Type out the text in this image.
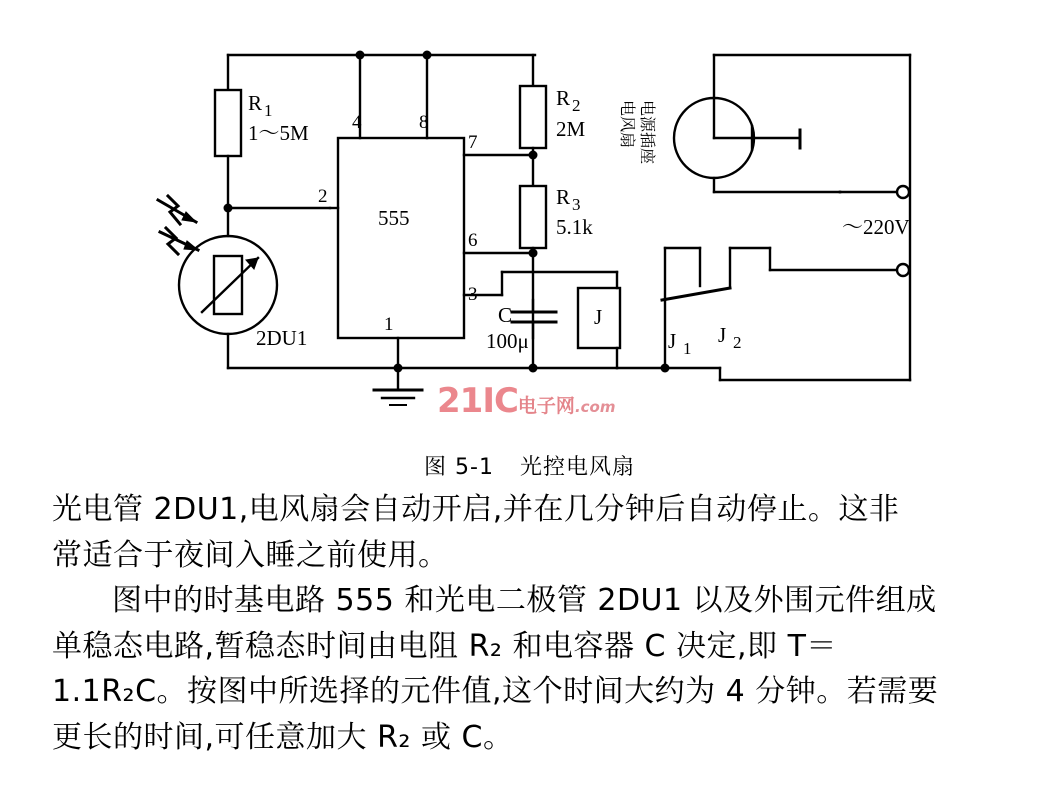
R 1
1～5M
R 2
2M
R 3
5.1k
555
4	8
7
2
6
3
1	C
100μ
J
2DU1	J 1
J 2
～220V
电风扇 电源插座
21IC电子网.com
图 5-1 光控电风扇

光电管 2DU1,电风扇会自动开启,并在几分钟后自动停止。这非

常适合于夜间入睡之前使用。

图中的时基电路 555 和光电二极管 2DU1 以及外围元件组成

单稳态电路,暂稳态时间由电阻 R₂ 和电容器 C 决定,即 T＝

1.1R₂C。按图中所选择的元件值,这个时间大约为 4 分钟。若需要

更长的时间,可任意加大 R₂ 或 C。
